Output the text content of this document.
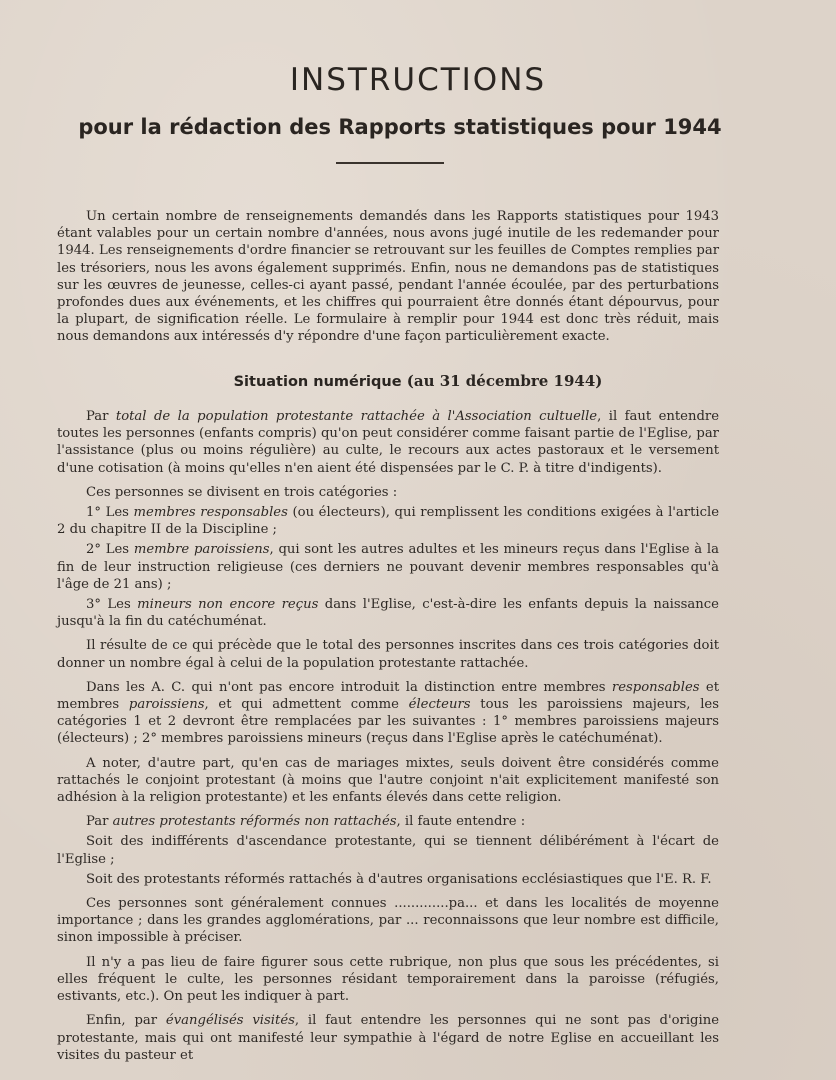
INSTRUCTIONS
pour la rédaction des Rapports statistiques pour 1944

Un certain nombre de renseignements demandés dans les Rapports statistiques pour 1943 étant valables pour un certain nombre d'années, nous avons jugé inutile de les redemander pour 1944. Les renseignements d'ordre financier se retrouvant sur les feuilles de Comptes remplies par les trésoriers, nous les avons également supprimés. Enfin, nous ne demandons pas de statistiques sur les œuvres de jeunesse, celles-ci ayant passé, pendant l'année écoulée, par des perturbations profondes dues aux événements, et les chiffres qui pourraient être donnés étant dépourvus, pour la plupart, de signification réelle. Le formulaire à remplir pour 1944 est donc très réduit, mais nous demandons aux intéressés d'y répondre d'une façon particulièrement exacte.

Situation numérique (au 31 décembre 1944)

Par total de la population protestante rattachée à l'Association cultuelle, il faut entendre toutes les personnes (enfants compris) qu'on peut considérer comme faisant partie de l'Eglise, par l'assistance (plus ou moins régulière) au culte, le recours aux actes pastoraux et le versement d'une cotisation (à moins qu'elles n'en aient été dispensées par le C. P. à titre d'indigents).

Ces personnes se divisent en trois catégories :

1° Les membres responsables (ou électeurs), qui remplissent les conditions exigées à l'article 2 du chapitre II de la Discipline ;

2° Les membre paroissiens, qui sont les autres adultes et les mineurs reçus dans l'Eglise à la fin de leur instruction religieuse (ces derniers ne pouvant devenir membres responsables qu'à l'âge de 21 ans) ;

3° Les mineurs non encore reçus dans l'Eglise, c'est-à-dire les enfants depuis la naissance jusqu'à la fin du catéchuménat.

Il résulte de ce qui précède que le total des personnes inscrites dans ces trois catégories doit donner un nombre égal à celui de la population protestante rattachée.

Dans les A. C. qui n'ont pas encore introduit la distinction entre membres responsables et membres paroissiens, et qui admettent comme électeurs tous les paroissiens majeurs, les catégories 1 et 2 devront être remplacées par les suivantes : 1° membres paroissiens majeurs (électeurs) ; 2° membres paroissiens mineurs (reçus dans l'Eglise après le catéchuménat).

A noter, d'autre part, qu'en cas de mariages mixtes, seuls doivent être considérés comme rattachés le conjoint protestant (à moins que l'autre conjoint n'ait explicitement manifesté son adhésion à la religion protestante) et les enfants élevés dans cette religion.

Par autres protestants réformés non rattachés, il faute entendre :

Soit des indifférents d'ascendance protestante, qui se tiennent délibérément à l'écart de l'Eglise ;

Soit des protestants réformés rattachés à d'autres organisations ecclésiastiques que l'E. R. F.

Ces personnes sont généralement connues .............pa... et dans les localités de moyenne importance ; dans les grandes agglomérations, par ... reconnaissons que leur nombre est difficile, sinon impossible à préciser.

Il n'y a pas lieu de faire figurer sous cette rubrique, non plus que sous les précédentes, si elles fréquent le culte, les personnes résidant temporairement dans la paroisse (réfugiés, estivants, etc.). On peut les indiquer à part.

Enfin, par évangélisés visités, il faut entendre les personnes qui ne sont pas d'origine protestante, mais qui ont manifesté leur sympathie à l'égard de notre Eglise en accueillant les visites du pasteur et
